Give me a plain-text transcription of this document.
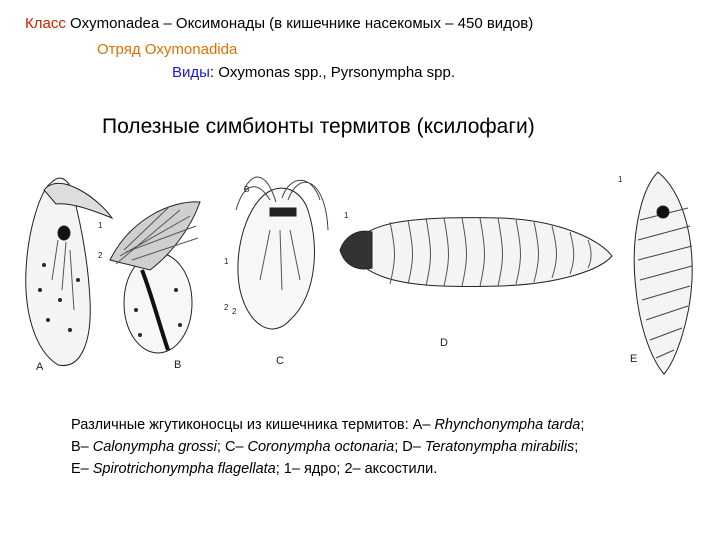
Класс Oxymonadea – Оксимонады (в кишечнике насекомых – 450 видов)
Отряд Oxymonadida
Виды: Oxymonas spp., Pyrsonympha spp.
Полезные симбионты термитов (ксилофаги)
1
2
1
2
B
2
1
1
A	B	C
D
E
Различные жгутиконосцы из кишечника термитов: А– Rhynchonympha tarda;
В– Calonympha grossi; С– Coronympha octonaria; D– Teratonympha mirabilis;
Е– Spirotrichonympha flagellata; 1– ядро; 2– аксостили.
